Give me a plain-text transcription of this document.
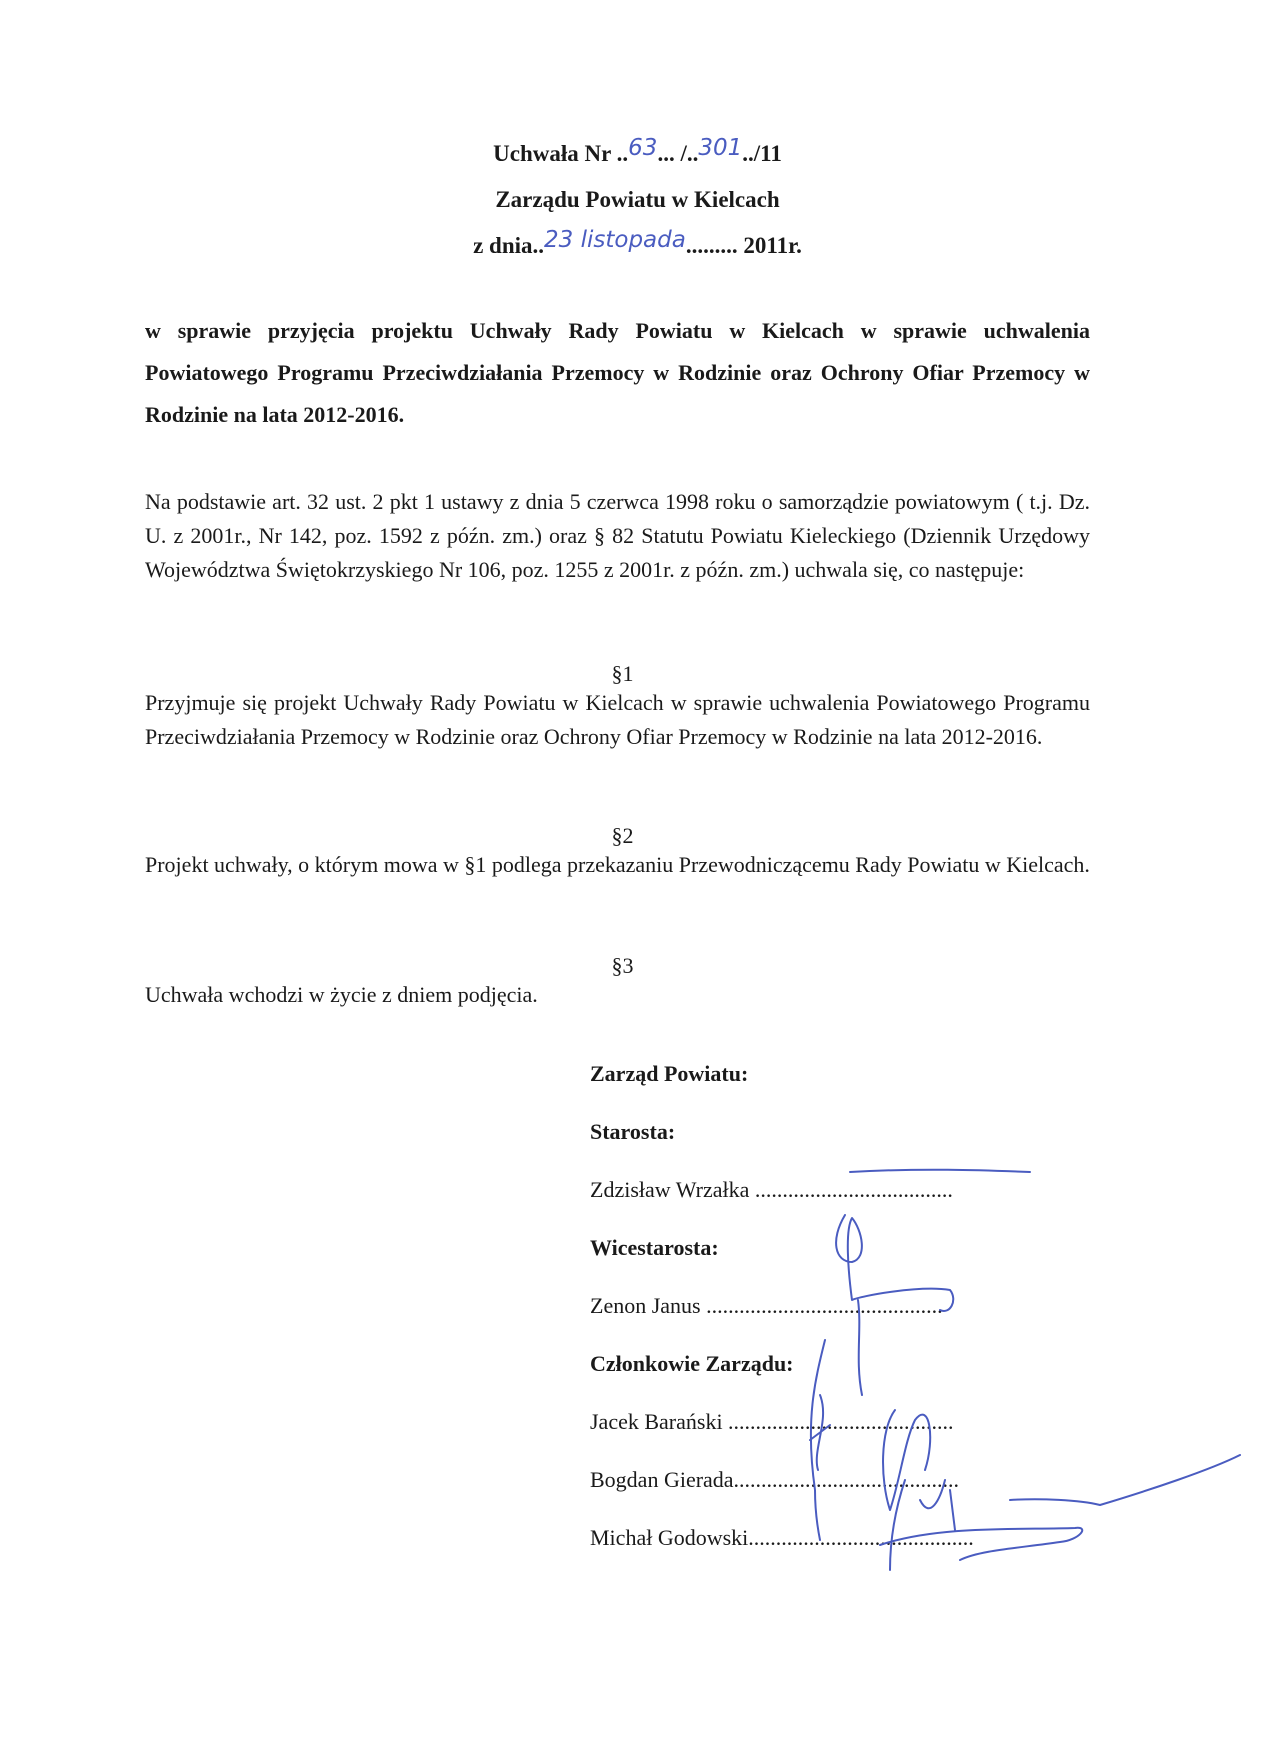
Uchwała Nr ..63... /..301../11
Zarządu Powiatu w Kielcach
z dnia..23 listopada......... 2011r.
w sprawie przyjęcia projektu Uchwały Rady Powiatu w Kielcach w sprawie uchwalenia Powiatowego Programu Przeciwdziałania Przemocy w Rodzinie oraz Ochrony Ofiar Przemocy w Rodzinie na lata 2012-2016.
Na podstawie art. 32 ust. 2 pkt 1 ustawy z dnia 5 czerwca 1998 roku o samorządzie powiatowym ( t.j. Dz. U. z 2001r., Nr 142, poz. 1592 z późn. zm.) oraz § 82 Statutu Powiatu Kieleckiego (Dziennik Urzędowy Województwa Świętokrzyskiego Nr 106, poz. 1255 z 2001r. z późn. zm.) uchwala się, co następuje:
§1
Przyjmuje się projekt Uchwały Rady Powiatu w Kielcach w sprawie uchwalenia Powiatowego Programu Przeciwdziałania Przemocy w Rodzinie oraz Ochrony Ofiar Przemocy w Rodzinie na lata 2012-2016.
§2
Projekt uchwały, o którym mowa w §1 podlega przekazaniu Przewodniczącemu Rady Powiatu w Kielcach.
§3
Uchwała wchodzi w życie z dniem podjęcia.
Zarząd Powiatu:
Starosta:
Zdzisław Wrzałka ....................................
Wicestarosta:
Zenon Janus ...........................................
Członkowie Zarządu:
Jacek Barański .........................................
Bogdan Gierada.........................................
Michał Godowski.........................................
